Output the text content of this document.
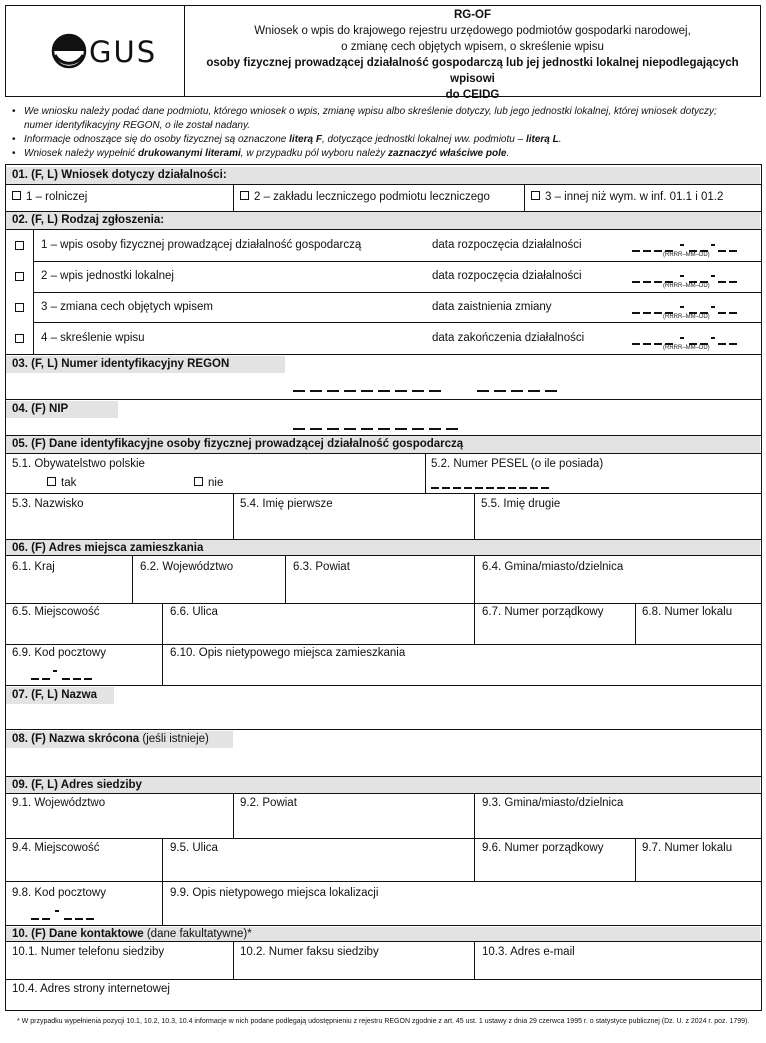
GUS
RG-OF
Wniosek o wpis do krajowego rejestru urzędowego podmiotów gospodarki narodowej,
o zmianę cech objętych wpisem, o skreślenie wpisu
osoby fizycznej prowadzącej działalność gospodarczą lub jej jednostki lokalnej niepodlegających wpisowi
do CEIDG
• We wniosku należy podać dane podmiotu, którego wniosek o wpis, zmianę wpisu albo skreślenie dotyczy, lub jego jednostki lokalnej, której wniosek dotyczy;
numer identyfikacyjny REGON, o ile został nadany.
• Informacje odnoszące się do osoby fizycznej są oznaczone literą F, dotyczące jednostki lokalnej ww. podmiotu – literą L.
• Wniosek należy wypełnić drukowanymi literami, w przypadku pól wyboru należy zaznaczyć właściwe pole.
01. (F, L) Wniosek dotyczy działalności:
1 – rolniczej	2 – zakładu leczniczego podmiotu leczniczego	3 – innej niż wym. w inf. 01.1 i 01.2
02. (F, L) Rodzaj zgłoszenia:
1 – wpis osoby fizycznej prowadzącej działalność gospodarczą	data rozpoczęcia działalności
(RRRR–MM–DD)
2 – wpis jednostki lokalnej	data rozpoczęcia działalności
(RRRR–MM–DD)
3 – zmiana cech objętych wpisem	data zaistnienia zmiany
(RRRR–MM–DD)
4 – skreślenie wpisu	data zakończenia działalności
(RRRR–MM–DD)
03. (F, L) Numer identyfikacyjny REGON
04. (F) NIP
05. (F) Dane identyfikacyjne osoby fizycznej prowadzącej działalność gospodarczą
5.1. Obywatelstwo polskie
tak	nie
5.2. Numer PESEL (o ile posiada)
5.3. Nazwisko	5.4. Imię pierwsze	5.5. Imię drugie
06. (F) Adres miejsca zamieszkania
6.1. Kraj	6.2. Województwo	6.3. Powiat	6.4. Gmina/miasto/dzielnica
6.5. Miejscowość	6.6. Ulica	6.7. Numer porządkowy	6.8. Numer lokalu
6.9. Kod pocztowy	6.10. Opis nietypowego miejsca zamieszkania
07. (F, L) Nazwa
08. (F) Nazwa skrócona (jeśli istnieje)
09. (F, L) Adres siedziby
9.1. Województwo	9.2. Powiat	9.3. Gmina/miasto/dzielnica
9.4. Miejscowość	9.5. Ulica	9.6. Numer porządkowy	9.7. Numer lokalu
9.8. Kod pocztowy	9.9. Opis nietypowego miejsca lokalizacji
10. (F) Dane kontaktowe (dane fakultatywne)*
10.1. Numer telefonu siedziby	10.2. Numer faksu siedziby	10.3. Adres e-mail
10.4. Adres strony internetowej
* W przypadku wypełnienia pozycji 10.1, 10.2, 10.3, 10.4 informacje w nich podane podlegają udostępnieniu z rejestru REGON zgodnie z art. 45 ust. 1 ustawy z dnia 29 czerwca 1995 r. o statystyce publicznej (Dz. U. z 2024 r. poz. 1799).
